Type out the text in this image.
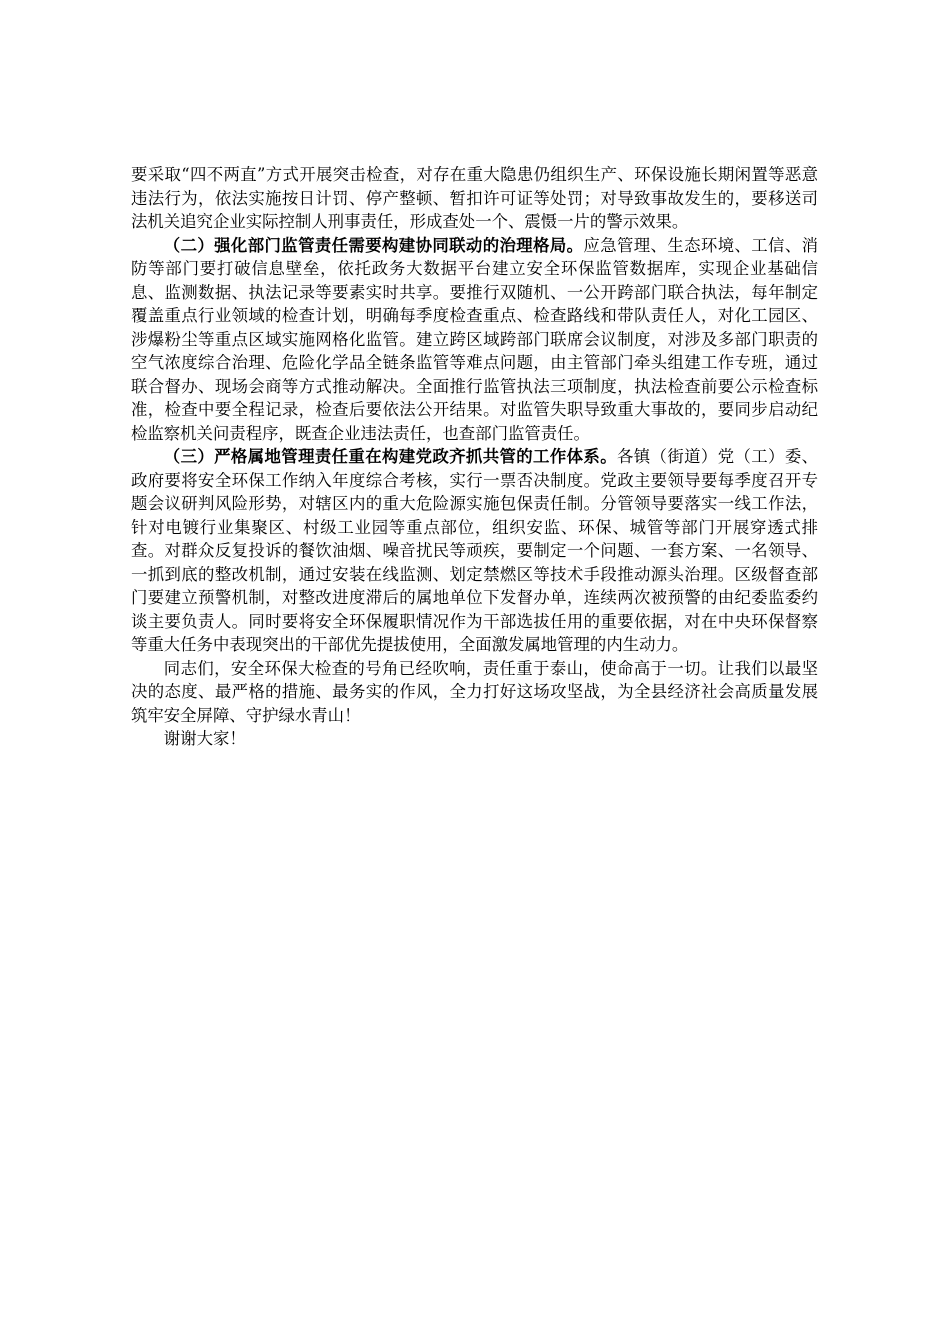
要采取“四不两直”方式开展突击检查，对存在重大隐患仍组织生产、环保设施长期闲置等恶意违法行为，依法实施按日计罚、停产整顿、暂扣许可证等处罚；对导致事故发生的，要移送司法机关追究企业实际控制人刑事责任，形成查处一个、震慑一片的警示效果。

（二）强化部门监管责任需要构建协同联动的治理格局。应急管理、生态环境、工信、消防等部门要打破信息壁垒，依托政务大数据平台建立安全环保监管数据库，实现企业基础信息、监测数据、执法记录等要素实时共享。要推行双随机、一公开跨部门联合执法，每年制定覆盖重点行业领域的检查计划，明确每季度检查重点、检查路线和带队责任人，对化工园区、涉爆粉尘等重点区域实施网格化监管。建立跨区域跨部门联席会议制度，对涉及多部门职责的空气浓度综合治理、危险化学品全链条监管等难点问题，由主管部门牵头组建工作专班，通过联合督办、现场会商等方式推动解决。全面推行监管执法三项制度，执法检查前要公示检查标准，检查中要全程记录，检查后要依法公开结果。对监管失职导致重大事故的，要同步启动纪检监察机关问责程序，既查企业违法责任，也查部门监管责任。

（三）严格属地管理责任重在构建党政齐抓共管的工作体系。各镇（街道）党（工）委、政府要将安全环保工作纳入年度综合考核，实行一票否决制度。党政主要领导要每季度召开专题会议研判风险形势，对辖区内的重大危险源实施包保责任制。分管领导要落实一线工作法，针对电镀行业集聚区、村级工业园等重点部位，组织安监、环保、城管等部门开展穿透式排查。对群众反复投诉的餐饮油烟、噪音扰民等顽疾，要制定一个问题、一套方案、一名领导、一抓到底的整改机制，通过安装在线监测、划定禁燃区等技术手段推动源头治理。区级督查部门要建立预警机制，对整改进度滞后的属地单位下发督办单，连续两次被预警的由纪委监委约谈主要负责人。同时要将安全环保履职情况作为干部选拔任用的重要依据，对在中央环保督察等重大任务中表现突出的干部优先提拔使用，全面激发属地管理的内生动力。

同志们，安全环保大检查的号角已经吹响，责任重于泰山，使命高于一切。让我们以最坚决的态度、最严格的措施、最务实的作风，全力打好这场攻坚战，为全县经济社会高质量发展筑牢安全屏障、守护绿水青山！

谢谢大家！
